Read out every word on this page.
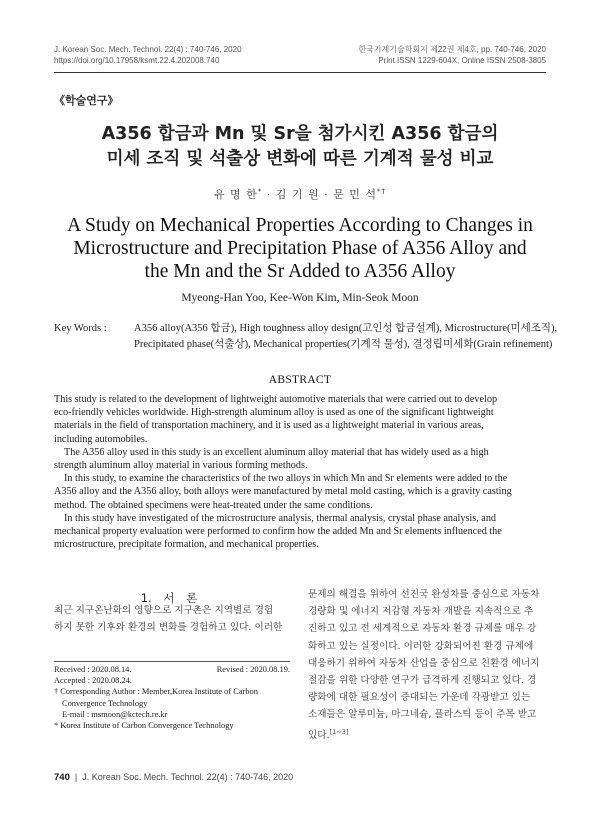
J. Korean Soc. Mech. Technol. 22(4) : 740-746, 2020	한국기계기술학회지 제22권 제4호, pp. 740-746, 2020
https://doi.org/10.17958/ksmt.22.4.202008.740	Print ISSN 1229-604X, Online ISSN 2508-3805
《학술연구》
A356 합금과 Mn 및 Sr을 첨가시킨 A356 합금의
미세 조직 및 석출상 변화에 따른 기계적 물성 비교
유 명 한* · 김 기 원 · 문 민 석*†
A Study on Mechanical Properties According to Changes in
Microstructure and Precipitation Phase of A356 Alloy and
the Mn and the Sr Added to A356 Alloy
Myeong-Han Yoo, Kee-Won Kim, Min-Seok Moon
Key Words :	A356 alloy(A356 합금), High toughness alloy design(고인성 합금설계), Microstructure(미세조직),
Precipitated phase(석출상), Mechanical properties(기계적 물성), 결정립미세화(Grain refinement)
ABSTRACT
This study is related to the development of lightweight automotive materials that were carried out to develop
eco-friendly vehicles worldwide. High-strength aluminum alloy is used as one of the significant lightweight
materials in the field of transportation machinery, and it is used as a lightweight material in various areas,
including automobiles.
The A356 alloy used in this study is an excellent aluminum alloy material that has widely used as a high
strength aluminum alloy material in various forming methods.
In this study, to examine the characteristics of the two alloys in which Mn and Sr elements were added to the
A356 alloy and the A356 alloy, both alloys were manufactured by metal mold casting, which is a gravity casting
method. The obtained specimens were heat-treated under the same conditions.
In this study have investigated of the microstructure analysis, thermal analysis, crystal phase analysis, and
mechanical property evaluation were performed to confirm how the added Mn and Sr elements influenced the
microstructure, precipitate formation, and mechanical properties.
1. 서 론
최근 지구온난화의 영향으로 지구촌은 지역별로 경험
하지 못한 기후와 환경의 변화를 경험하고 있다. 이러한
문제의 해결을 위하여 선진국 완성차를 중심으로 자동차
경량화 및 에너지 저감형 자동차 개발을 지속적으로 추
진하고 있고 전 세계적으로 자동차 환경 규제를 매우 강
화하고 있는 실정이다. 이러한 강화되어진 환경 규제에
대응하기 위하여 자동차 산업을 중심으로 친환경 에너지
절감을 위한 다양한 연구가 급격하게 진행되고 있다. 경
량화에 대한 필요성이 증대되는 가운데 각광받고 있는
소재들은 알루미늄, 마그네슘, 플라스틱 등이 주목 받고
있다.[1~3]
Received : 2020.08.14.	Revised : 2020.08.19.
Accepted : 2020.08.24.
† Corresponding Author : Member,Korea Institute of Carbon
Convergence Technology
E-mail : msmoon@kctech.re.kr
* Korea Institute of Carbon Convergence Technology
740  |  J. Korean Soc. Mech. Technol. 22(4) : 740-746, 2020
